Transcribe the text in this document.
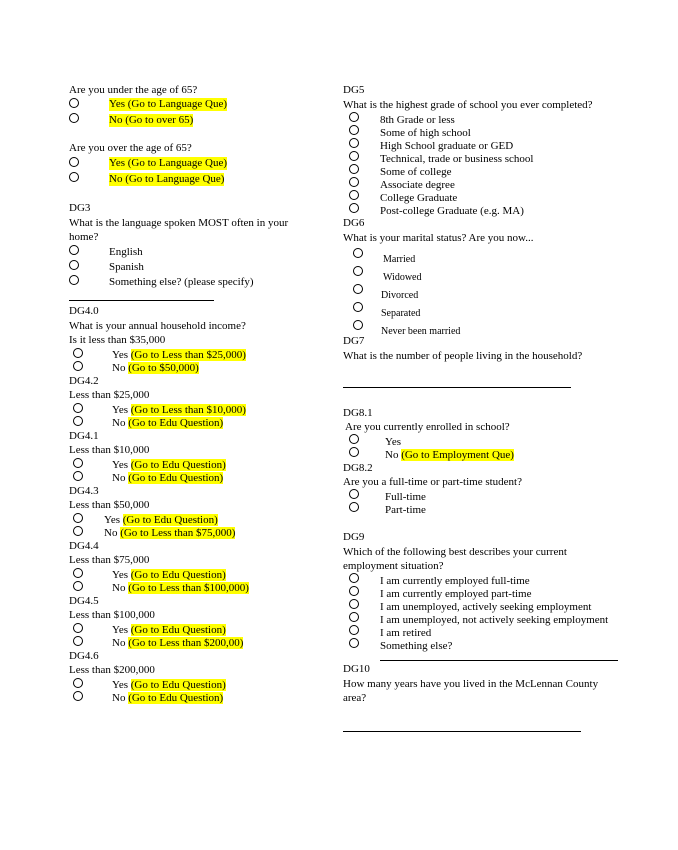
Are you under the age of 65?
Yes (Go to Language Que)
No (Go to over 65)
Are you over the age of 65?
Yes (Go to Language Que)
No (Go to Language Que)
DG3
What is the language spoken MOST often in your
home?
English
Spanish
Something else? (please specify)
DG4.0
What is your annual household income?
Is it less than $35,000
Yes (Go to Less than $25,000)
No (Go to $50,000)
DG4.2
Less than $25,000
Yes (Go to Less than $10,000)
No (Go to Edu Question)
DG4.1
Less than $10,000
Yes (Go to Edu Question)
No (Go to Edu Question)
DG4.3
Less than $50,000
Yes (Go to Edu Question)
No (Go to Less than $75,000)
DG4.4
Less than $75,000
Yes (Go to Edu Question)
No (Go to Less than $100,000)
DG4.5
Less than $100,000
Yes (Go to Edu Question)
No (Go to Less than $200,00)
DG4.6
Less than $200,000
Yes (Go to Edu Question)
No (Go to Edu Question)
DG5
What is the highest grade of school you ever completed?
8th Grade or less
Some of high school
High School graduate or GED
Technical, trade or business school
Some of college
Associate degree
College Graduate
Post-college Graduate (e.g. MA)
DG6
What is your marital status? Are you now...
Married
Widowed
Divorced
Separated
Never been married
DG7
What is the number of people living in the household?
DG8.1
Are you currently enrolled in school?
Yes
No (Go to Employment Que)
DG8.2
Are you a full-time or part-time student?
Full-time
Part-time
DG9
Which of the following best describes your current
employment situation?
I am currently employed full-time
I am currently employed part-time
I am unemployed, actively seeking employment
I am unemployed, not actively seeking employment
I am retired
Something else?
DG10
How many years have you lived in the McLennan County
area?
